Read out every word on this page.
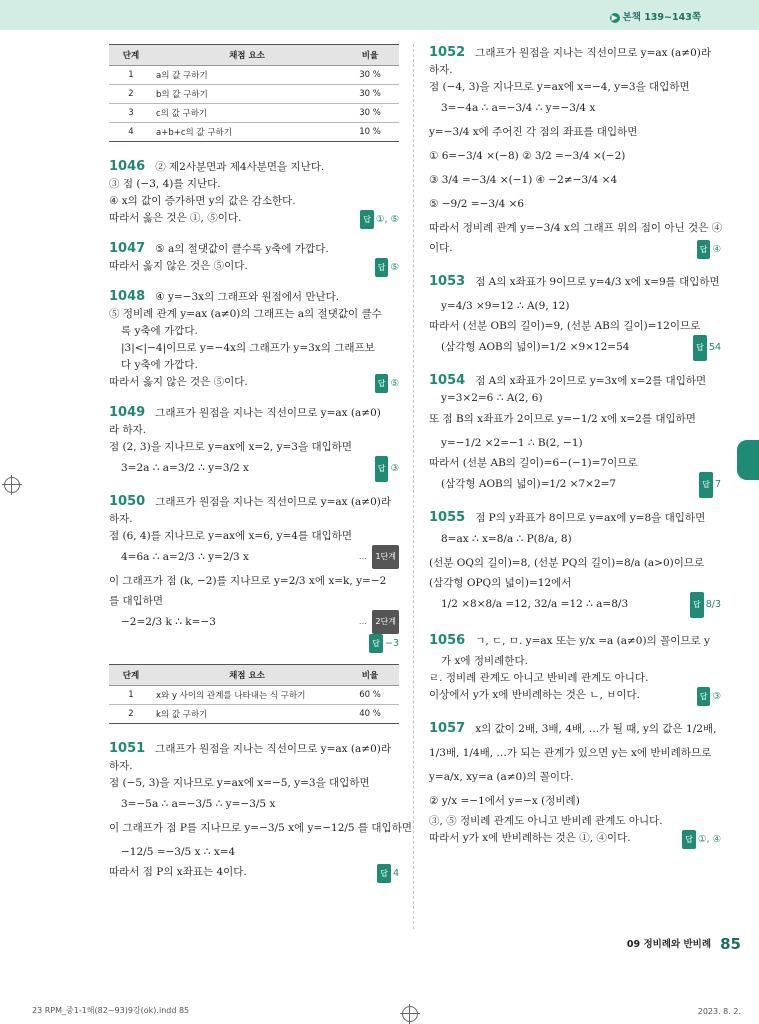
▶ 본책 139~143쪽
단계	채점 요소	비율
1	a의 값 구하기	30 %
2	b의 값 구하기	30 %
3	c의 값 구하기	30 %
4	a+b+c의 값 구하기	10 %
1046 ② 제2사분면과 제4사분면을 지난다.
③ 점 (−3, 4)를 지난다.
④ x의 값이 증가하면 y의 값은 감소한다.
따라서 옳은 것은 ①, ⑤이다.	답 ①, ⑤
1047 ⑤ a의 절댓값이 클수록 y축에 가깝다.
따라서 옳지 않은 것은 ⑤이다.	답 ⑤
1048 ④ y=−3x의 그래프와 원점에서 만난다.
⑤ 정비례 관계 y=ax (a≠0)의 그래프는 a의 절댓값이 클수
록 y축에 가깝다.
|3|<|−4|이므로 y=−4x의 그래프가 y=3x의 그래프보
다 y축에 가깝다.
따라서 옳지 않은 것은 ⑤이다.	답 ⑤
1049 그래프가 원점을 지나는 직선이므로 y=ax (a≠0)
라 하자.
점 (2, 3)을 지나므로 y=ax에 x=2, y=3을 대입하면
3=2a ∴ a=3/2 ∴ y=3/2 x	답 ③
1050 그래프가 원점을 지나는 직선이므로 y=ax (a≠0)라
하자.
점 (6, 4)를 지나므로 y=ax에 x=6, y=4를 대입하면
4=6a ∴ a=2/3 ∴ y=2/3 x	… 1단계
이 그래프가 점 (k, −2)를 지나므로 y=2/3 x에 x=k, y=−2
를 대입하면
−2=2/3 k ∴ k=−3	… 2단계
답 −3
단계	채점 요소	비율
1	x와 y 사이의 관계를 나타내는 식 구하기	60 %
2	k의 값 구하기	40 %
1051 그래프가 원점을 지나는 직선이므로 y=ax (a≠0)라
하자.
점 (−5, 3)을 지나므로 y=ax에 x=−5, y=3을 대입하면
3=−5a ∴ a=−3/5 ∴ y=−3/5 x
이 그래프가 점 P를 지나므로 y=−3/5 x에 y=−12/5 를 대입하면
−12/5 =−3/5 x ∴ x=4
따라서 점 P의 x좌표는 4이다.	답 4
1052 그래프가 원점을 지나는 직선이므로 y=ax (a≠0)라
하자.
점 (−4, 3)을 지나므로 y=ax에 x=−4, y=3을 대입하면
3=−4a ∴ a=−3/4 ∴ y=−3/4 x
y=−3/4 x에 주어진 각 점의 좌표를 대입하면
① 6=−3/4 ×(−8) ② 3/2 =−3/4 ×(−2)
③ 3/4 =−3/4 ×(−1) ④ −2≠−3/4 ×4
⑤ −9/2 =−3/4 ×6
따라서 정비례 관계 y=−3/4 x의 그래프 위의 점이 아닌 것은 ④
이다.	답 ④
1053 점 A의 x좌표가 9이므로 y=4/3 x에 x=9를 대입하면
y=4/3 ×9=12 ∴ A(9, 12)
따라서 (선분 OB의 길이)=9, (선분 AB의 길이)=12이므로
(삼각형 AOB의 넓이)=1/2 ×9×12=54	답 54
1054 점 A의 x좌표가 2이므로 y=3x에 x=2를 대입하면
y=3×2=6 ∴ A(2, 6)
또 점 B의 x좌표가 2이므로 y=−1/2 x에 x=2를 대입하면
y=−1/2 ×2=−1 ∴ B(2, −1)
따라서 (선분 AB의 길이)=6−(−1)=7이므로
(삼각형 AOB의 넓이)=1/2 ×7×2=7	답 7
1055 점 P의 y좌표가 8이므로 y=ax에 y=8을 대입하면
8=ax ∴ x=8/a ∴ P(8/a, 8)
(선분 OQ의 길이)=8, (선분 PQ의 길이)=8/a (a>0)이므로
(삼각형 OPQ의 넓이)=12에서
1/2 ×8×8/a =12, 32/a =12 ∴ a=8/3	답 8/3
1056 ㄱ, ㄷ, ㅁ. y=ax 또는 y/x =a (a≠0)의 꼴이므로 y
가 x에 정비례한다.
ㄹ. 정비례 관계도 아니고 반비례 관계도 아니다.
이상에서 y가 x에 반비례하는 것은 ㄴ, ㅂ이다.	답 ③
1057 x의 값이 2배, 3배, 4배, …가 될 때, y의 값은 1/2배,
1/3배, 1/4배, …가 되는 관계가 있으면 y는 x에 반비례하므로
y=a/x, xy=a (a≠0)의 꼴이다.
② y/x =−1에서 y=−x (정비례)
③, ⑤ 정비례 관계도 아니고 반비례 관계도 아니다.
따라서 y가 x에 반비례하는 것은 ①, ④이다.	답 ①, ④
09 정비례와 반비례 85
23 RPM_중1-1해(82~93)9강(ok).indd 85	2023. 8. 2.
